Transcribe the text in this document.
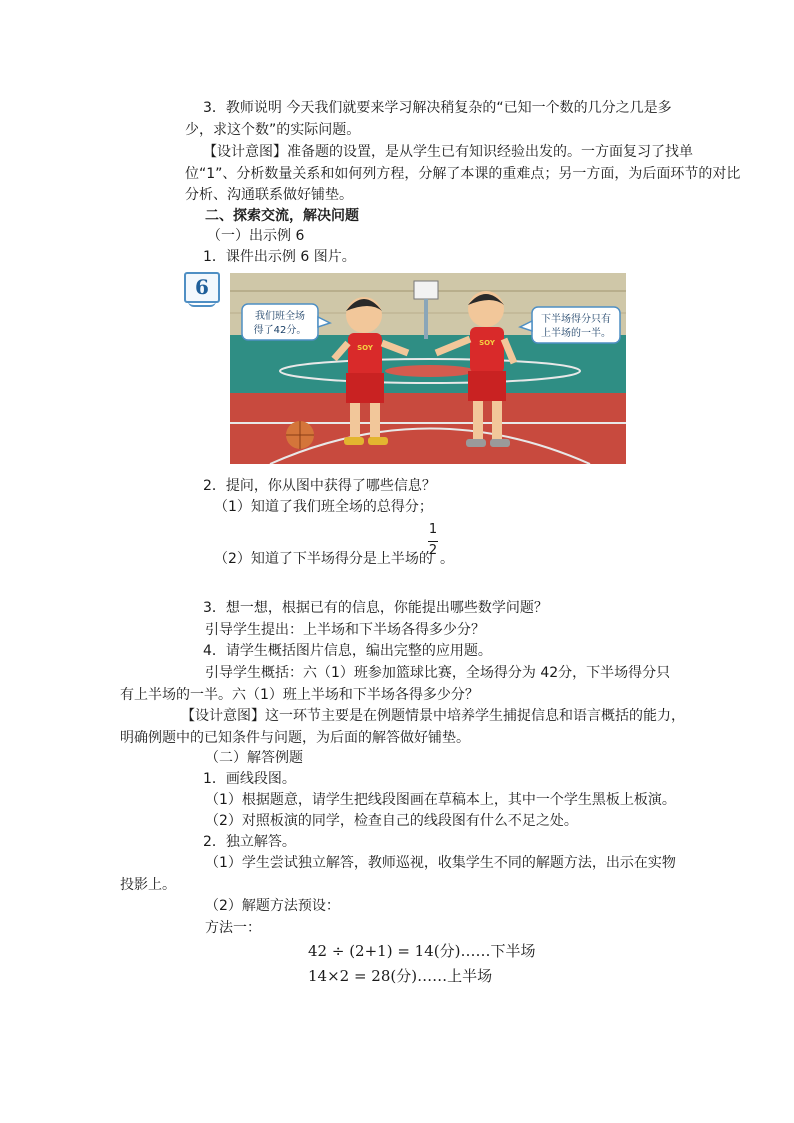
3．教师说明 今天我们就要来学习解决稍复杂的“已知一个数的几分之几是多
少，求这个数”的实际问题。
【设计意图】准备题的设置，是从学生已有知识经验出发的。一方面复习了找单
位“1”、分析数量关系和如何列方程，分解了本课的重难点；另一方面，为后面环节的对比
分析、沟通联系做好铺垫。
二、探索交流，解决问题
（一）出示例 6
1．课件出示例 6 图片。
6
SOY
SOY
我们班全场
得了42分。
下半场得分只有
上半场的一半。
2．提问，你从图中获得了哪些信息？
（1）知道了我们班全场的总得分；
1
2
（2）知道了下半场得分是上半场的 。
3．想一想，根据已有的信息，你能提出哪些数学问题？
引导学生提出：上半场和下半场各得多少分？
4．请学生概括图片信息，编出完整的应用题。
引导学生概括：六（1）班参加篮球比赛，全场得分为 42分，下半场得分只
有上半场的一半。六（1）班上半场和下半场各得多少分？
【设计意图】这一环节主要是在例题情景中培养学生捕捉信息和语言概括的能力，
明确例题中的已知条件与问题，为后面的解答做好铺垫。
（二）解答例题
1．画线段图。
（1）根据题意，请学生把线段图画在草稿本上，其中一个学生黑板上板演。
（2）对照板演的同学，检查自己的线段图有什么不足之处。
2．独立解答。
（1）学生尝试独立解答，教师巡视，收集学生不同的解题方法，出示在实物
投影上。
（2）解题方法预设：
方法一：
42 ÷ (2+1) = 14(分)……下半场
14×2 = 28(分)……上半场
